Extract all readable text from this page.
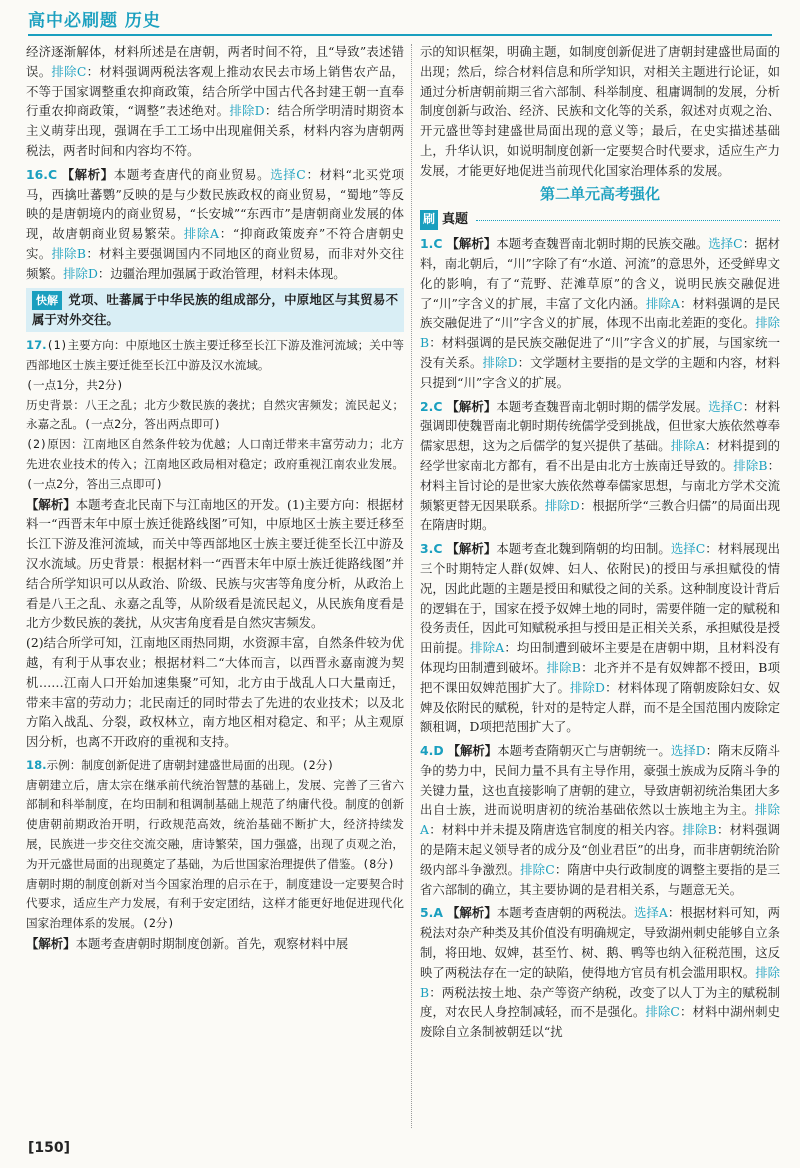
高中必刷题 历史

经济逐渐解体，材料所述是在唐朝，两者时间不符，且“导致”表述错误。排除C：材料强调两税法客观上推动农民去市场上销售农产品，不等于国家调整重农抑商政策，结合所学中国古代各封建王朝一直奉行重农抑商政策，“调整”表述绝对。排除D：结合所学明清时期资本主义萌芽出现，强调在手工工场中出现雇佣关系，材料内容为唐朝两税法，两者时间和内容均不符。

16.C 【解析】本题考查唐代的商业贸易。选择C：材料“北买党项马，西擒吐蕃鹦”反映的是与少数民族政权的商业贸易，“蜀地”等反映的是唐朝境内的商业贸易，“长安城”“东西市”是唐朝商业发展的体现，故唐朝商业贸易繁荣。排除A：“抑商政策废弃”不符合唐朝史实。排除B：材料主要强调国内不同地区的商业贸易，而非对外交往频繁。排除D：边疆治理加强属于政治管理，材料未体现。

快解 党项、吐蕃属于中华民族的组成部分，中原地区与其贸易不属于对外交往。

17.(1)主要方向：中原地区士族主要迁移至长江下游及淮河流域；关中等西部地区士族主要迁徙至长江中游及汉水流域。

(一点1分，共2分)

历史背景：八王之乱；北方少数民族的袭扰；自然灾害频发；流民起义；永嘉之乱。(一点2分，答出两点即可)

(2)原因：江南地区自然条件较为优越；人口南迁带来丰富劳动力；北方先进农业技术的传入；江南地区政局相对稳定；政府重视江南农业发展。(一点2分，答出三点即可)

【解析】本题考查北民南下与江南地区的开发。(1)主要方向：根据材料一“西晋末年中原士族迁徙路线图”可知，中原地区士族主要迁移至长江下游及淮河流域，而关中等西部地区士族主要迁徙至长江中游及汉水流域。历史背景：根据材料一“西晋末年中原士族迁徙路线图”并结合所学知识可以从政治、阶级、民族与灾害等角度分析，从政治上看是八王之乱、永嘉之乱等，从阶级看是流民起义，从民族角度看是北方少数民族的袭扰，从灾害角度看是自然灾害频发。

(2)结合所学可知，江南地区雨热同期，水资源丰富，自然条件较为优越，有利于从事农业；根据材料二“大体而言，以西晋永嘉南渡为契机……江南人口开始加速集聚”可知，北方由于战乱人口大量南迁，带来丰富的劳动力；北民南迁的同时带去了先进的农业技术；以及北方陷入战乱、分裂，政权林立，南方地区相对稳定、和平；从主观原因分析，也离不开政府的重视和支持。

18.示例：制度创新促进了唐朝封建盛世局面的出现。(2分)

唐朝建立后，唐太宗在继承前代统治智慧的基础上，发展、完善了三省六部制和科举制度，在均田制和租调制基础上规范了纳庸代役。制度的创新使唐朝前期政治开明，行政规范高效，统治基础不断扩大，经济持续发展，民族进一步交往交流交融，唐诗繁荣，国力强盛，出现了贞观之治，为开元盛世局面的出现奠定了基础，为后世国家治理提供了借鉴。(8分)

唐朝时期的制度创新对当今国家治理的启示在于，制度建设一定要契合时代要求，适应生产力发展，有利于安定团结，这样才能更好地促进现代化国家治理体系的发展。(2分)

【解析】本题考查唐朝时期制度创新。首先，观察材料中展

示的知识框架，明确主题，如制度创新促进了唐朝封建盛世局面的出现；然后，综合材料信息和所学知识，对相关主题进行论证，如通过分析唐朝前期三省六部制、科举制度、租庸调制的发展，分析制度创新与政治、经济、民族和文化等的关系，叙述对贞观之治、开元盛世等封建盛世局面出现的意义等；最后，在史实描述基础上，升华认识，如说明制度创新一定要契合时代要求，适应生产力发展，才能更好地促进当前现代化国家治理体系的发展。

第二单元高考强化
刷 真题

1.C 【解析】本题考查魏晋南北朝时期的民族交融。选择C：据材料，南北朝后，“川”字除了有“水道、河流”的意思外，还受鲜卑文化的影响，有了“荒野、茫滩草原”的含义，说明民族交融促进了“川”字含义的扩展，丰富了文化内涵。排除A：材料强调的是民族交融促进了“川”字含义的扩展，体现不出南北差距的变化。排除B：材料强调的是民族交融促进了“川”字含义的扩展，与国家统一没有关系。排除D：文学题材主要指的是文学的主题和内容，材料只提到“川”字含义的扩展。

2.C 【解析】本题考查魏晋南北朝时期的儒学发展。选择C：材料强调即使魏晋南北朝时期传统儒学受到挑战，但世家大族依然尊奉儒家思想，这为之后儒学的复兴提供了基础。排除A：材料提到的经学世家南北方都有，看不出是由北方士族南迁导致的。排除B：材料主旨讨论的是世家大族依然尊奉儒家思想，与南北方学术交流频繁更替无因果联系。排除D：根据所学“三教合归儒”的局面出现在隋唐时期。

3.C 【解析】本题考查北魏到隋朝的均田制。选择C：材料展现出三个时期特定人群(奴婢、妇人、依附民)的授田与承担赋役的情况，因此此题的主题是授田和赋役之间的关系。这种制度设计背后的逻辑在于，国家在授予奴婢土地的同时，需要伴随一定的赋税和役务责任，因此可知赋税承担与授田是正相关关系，承担赋役是授田前提。排除A：均田制遭到破坏主要是在唐朝中期，且材料没有体现均田制遭到破坏。排除B：北齐并不是有奴婢都不授田，B项把不课田奴婢范围扩大了。排除D：材料体现了隋朝废除妇女、奴婢及依附民的赋税，针对的是特定人群，而不是全国范围内废除定额租调，D项把范围扩大了。

4.D 【解析】本题考查隋朝灭亡与唐朝统一。选择D：隋末反隋斗争的势力中，民间力量不具有主导作用，豪强士族成为反隋斗争的关键力量，这也直接影响了唐朝的建立，导致唐朝初统治集团大多出自士族，进而说明唐初的统治基础依然以士族地主为主。排除A：材料中并未提及隋唐选官制度的相关内容。排除B：材料强调的是隋末起义领导者的成分及“创业君臣”的出身，而非唐朝统治阶级内部斗争激烈。排除C：隋唐中央行政制度的调整主要指的是三省六部制的确立，其主要协调的是君相关系，与题意无关。

5.A 【解析】本题考查唐朝的两税法。选择A：根据材料可知，两税法对杂产种类及其价值没有明确规定，导致湖州刺史能够自立条制，将田地、奴婢，甚至竹、树、鹅、鸭等也纳入征税范围，这反映了两税法存在一定的缺陷，使得地方官员有机会滥用职权。排除B：两税法按土地、杂产等资产纳税，改变了以人丁为主的赋税制度，对农民人身控制减轻，而不是强化。排除C：材料中湖州刺史废除自立条制被朝廷以“扰

[150]
